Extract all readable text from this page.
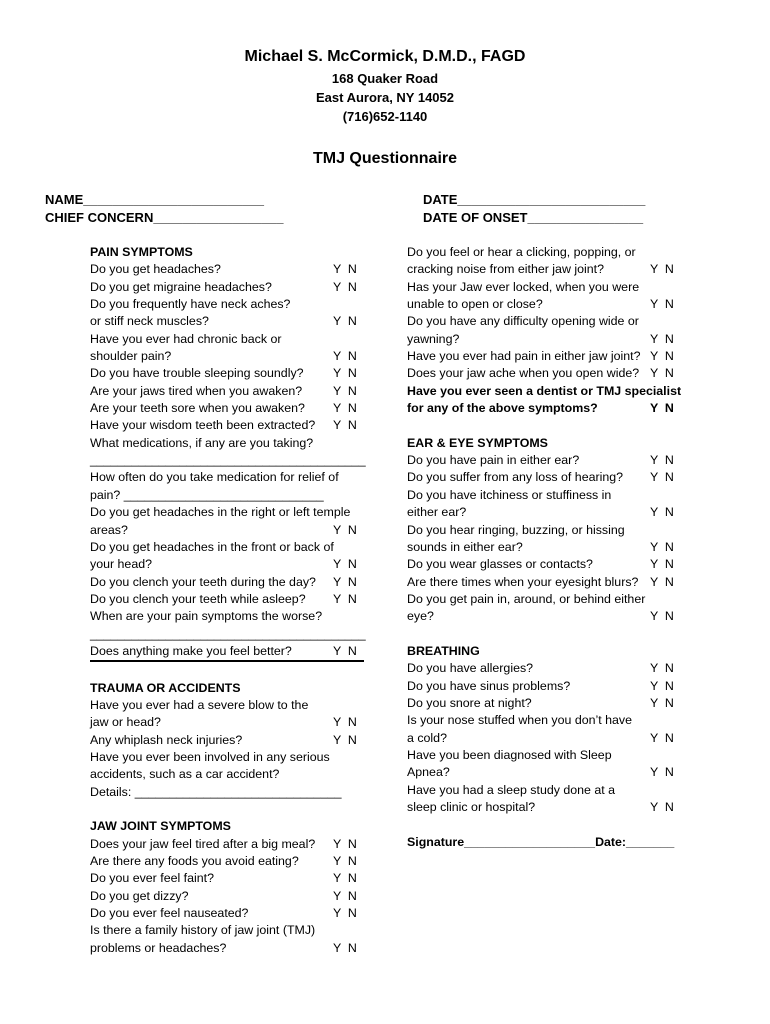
Michael S. McCormick, D.M.D., FAGD
168 Quaker Road
East Aurora, NY 14052
(716)652-1140
TMJ Questionnaire
NAME_________________________
CHIEF CONCERN__________________
DATE__________________________
DATE OF ONSET________________
PAIN SYMPTOMS
Do you get headaches?	Y  N
Do you get migraine headaches?	Y  N
Do you frequently have neck aches?
or stiff neck muscles?	Y  N
Have you ever had chronic back or
shoulder pain?	Y  N
Do you have trouble sleeping soundly? Y  N
Are your jaws tired when you awaken? Y  N
Are your teeth sore when you awaken? Y  N
Have your wisdom teeth been extracted? Y  N
What medications, if any are you taking?
________________________________________
How often do you take medication for relief of
pain? _____________________________
Do you get headaches in the right or left temple
areas?	Y  N
Do you get headaches in the front or back of
your head?	Y  N
Do you clench your teeth during the day? Y  N
Do you clench your teeth while asleep? Y  N
When are your pain symptoms the worse?
________________________________________
Does anything make you feel better?	Y  N
TRAUMA OR ACCIDENTS
Have you ever had a severe blow to the
jaw or head?	Y  N
Any whiplash neck injuries?	Y  N
Have you ever been involved in any serious
accidents, such as a car accident?
Details: ______________________________
JAW JOINT SYMPTOMS
Does your jaw feel tired after a big meal? Y  N
Are there any foods you avoid eating?	Y  N
Do you ever feel faint?	Y  N
Do you get dizzy?	Y  N
Do you ever feel nauseated?	Y  N
Is there a family history of jaw joint (TMJ)
problems or headaches?	Y  N
Do you feel or hear a clicking, popping, or
cracking noise from either jaw joint?	Y  N
Has your Jaw ever locked, when you were
unable to open or close?	Y  N
Do you have any difficulty opening wide or
yawning?	Y  N
Have you ever had pain in either jaw joint? Y  N
Does your jaw ache when you open wide? Y  N
Have you ever seen a dentist or TMJ specialist
for any of the above symptoms?	Y  N
EAR & EYE SYMPTOMS
Do you have pain in either ear?	Y  N
Do you suffer from any loss of hearing? Y  N
Do you have itchiness or stuffiness in
either ear?	Y  N
Do you hear ringing, buzzing, or hissing
sounds in either ear?	Y  N
Do you wear glasses or contacts?	Y  N
Are there times when your eyesight blurs? Y  N
Do you get pain in, around, or behind either
eye?	Y  N
BREATHING
Do you have allergies?	Y  N
Do you have sinus problems?	Y  N
Do you snore at night?	Y  N
Is your nose stuffed when you don’t have
a cold?	Y  N
Have you been diagnosed with Sleep
Apnea?	Y  N
Have you had a sleep study done at a
sleep clinic or hospital?	Y  N
Signature___________________Date:_______
